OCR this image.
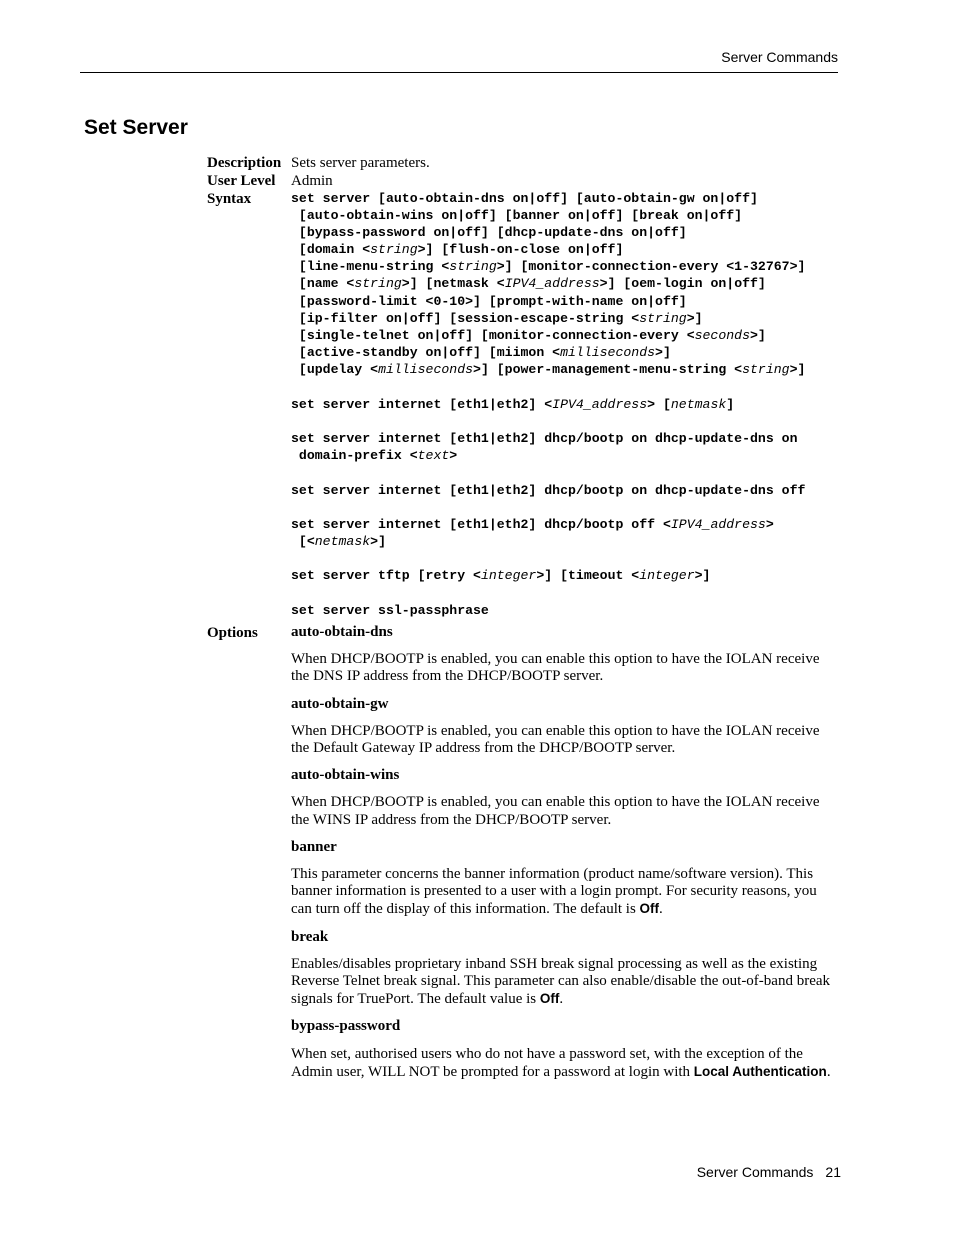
Server Commands
Set Server
Description Sets server parameters.
User Level Admin
Syntax	set server [auto-obtain-dns on|off] [auto-obtain-gw on|off]
[auto-obtain-wins on|off] [banner on|off] [break on|off]
[bypass-password on|off] [dhcp-update-dns on|off]
[domain <string>] [flush-on-close on|off]
[line-menu-string <string>] [monitor-connection-every <1-32767>]
[name <string>] [netmask <IPV4_address>] [oem-login on|off]
[password-limit <0-10>] [prompt-with-name on|off]
[ip-filter on|off] [session-escape-string <string>]
[single-telnet on|off] [monitor-connection-every <seconds>]
[active-standby on|off] [miimon <milliseconds>]
[updelay <milliseconds>] [power-management-menu-string <string>]
set server internet [eth1|eth2] <IPV4_address> [netmask]
set server internet [eth1|eth2] dhcp/bootp on dhcp-update-dns on
domain-prefix <text>
set server internet [eth1|eth2] dhcp/bootp on dhcp-update-dns off
set server internet [eth1|eth2] dhcp/bootp off <IPV4_address>
[<netmask>]
set server tftp [retry <integer>] [timeout <integer>]
set server ssl-passphrase
Options auto-obtain-dns

When DHCP/BOOTP is enabled, you can enable this option to have the IOLAN receive the DNS IP address from the DHCP/BOOTP server.

auto-obtain-gw

When DHCP/BOOTP is enabled, you can enable this option to have the IOLAN receive the Default Gateway IP address from the DHCP/BOOTP server.

auto-obtain-wins

When DHCP/BOOTP is enabled, you can enable this option to have the IOLAN receive the WINS IP address from the DHCP/BOOTP server.

banner

This parameter concerns the banner information (product name/software version). This banner information is presented to a user with a login prompt. For security reasons, you can turn off the display of this information. The default is Off.

break

Enables/disables proprietary inband SSH break signal processing as well as the existing Reverse Telnet break signal. This parameter can also enable/disable the out-of-band break signals for TruePort. The default value is Off.

bypass-password

When set, authorised users who do not have a password set, with the exception of the Admin user, WILL NOT be prompted for a password at login with Local Authentication.

Server Commands 21
